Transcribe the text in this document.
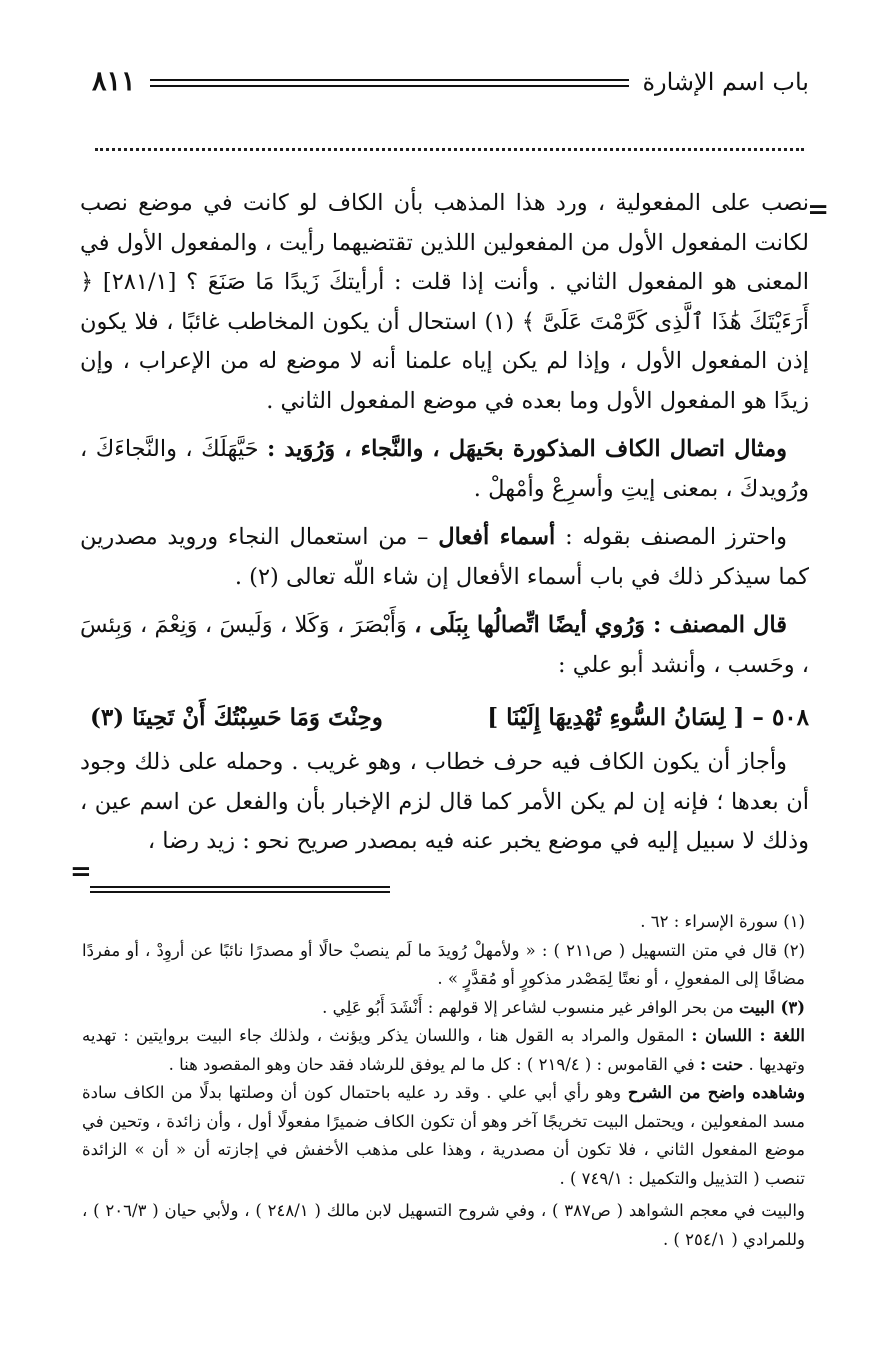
باب اسم الإشارة
٨١١
=

نصب على المفعولية ، ورد هذا المذهب بأن الكاف لو كانت في موضع نصب لكانت المفعول الأول من المفعولين اللذين تقتضيهما رأيت ، والمفعول الأول في المعنى هو المفعول الثاني . وأنت إذا قلت : أرأيتكَ زَيدًا مَا صَنَعَ ؟ [٢٨١/١] ﴿ أَرَءَيْتَكَ هَٰذَا ٱلَّذِى كَرَّمْتَ عَلَىَّ ﴾ (١) استحال أن يكون المخاطب غائبًا ، فلا يكون إذن المفعول الأول ، وإذا لم يكن إياه علمنا أنه لا موضع له من الإعراب ، وإن زيدًا هو المفعول الأول وما بعده في موضع المفعول الثاني .

ومثال اتصال الكاف المذكورة بحَيهَل ، والنَّجاء ، وَرُوَيد : حَيَّهَلَكَ ، والنَّجاءَكَ ، ورُويدكَ ، بمعنى إيتِ وأسرِعْ وأمْهلْ .

واحترز المصنف بقوله : أسماء أفعال – من استعمال النجاء ورويد مصدرين كما سيذكر ذلك في باب أسماء الأفعال إن شاء اللّه تعالى (٢) .

قال المصنف : وَرُوي أيضًا اتِّصالُها بِبَلَى ، وَأَبْصَرَ ، وَكَلا ، وَلَيسَ ، وَنِعْمَ ، وَبِئسَ ، وحَسب ، وأنشد أبو علي :

٥٠٨ – [ لِسَانُ السُّوءِ تُهْدِيهَا إِلَيْنَا ]
وحِنْتَ وَمَا حَسِبْتُكَ أَنْ تَحِينَا (٣)

وأجاز أن يكون الكاف فيه حرف خطاب ، وهو غريب . وحمله على ذلك وجود أن بعدها ؛ فإنه إن لم يكن الأمر كما قال لزم الإخبار بأن والفعل عن اسم عين ، وذلك لا سبيل إليه في موضع يخبر عنه فيه بمصدر صريح نحو : زيد رضا ،

=

(١) سورة الإسراء : ٦٢ .

(٢) قال في متن التسهيل ( ص٢١١ ) : « ولأمهلْ رُويدَ ما لَم ينصبْ حالًا أو مصدرًا نائبًا عن أروِدْ ، أو مفردًا مضافًا إلى المفعولِ ، أو نعتًا لِمَصْدر مذكورٍ أو مُقدَّرٍ » .

(٣) البيت من بحر الوافر غير منسوب لشاعر إلا قولهم : أَنْشَدَ أَبُو عَلِي .

اللغة : اللسان : المقول والمراد به القول هنا ، واللسان يذكر ويؤنث ، ولذلك جاء البيت بروايتين : تهديه وتهديها . حنت : في القاموس : ( ٢١٩/٤ ) : كل ما لم يوفق للرشاد فقد حان وهو المقصود هنا .

وشاهده واضح من الشرح وهو رأي أبي علي . وقد رد عليه باحتمال كون أن وصلتها بدلًا من الكاف سادة مسد المفعولين ، ويحتمل البيت تخريجًا آخر وهو أن تكون الكاف ضميرًا مفعولًا أول ، وأن زائدة ، وتحين في موضع المفعول الثاني ، فلا تكون أن مصدرية ، وهذا على مذهب الأخفش في إجازته أن « أن » الزائدة تنصب ( التذييل والتكميل : ٧٤٩/١ ) .

والبيت في معجم الشواهد ( ص٣٨٧ ) ، وفي شروح التسهيل لابن مالك ( ٢٤٨/١ ) ، ولأبي حيان ( ٢٠٦/٣ ) ، وللمرادي ( ٢٥٤/١ ) .
